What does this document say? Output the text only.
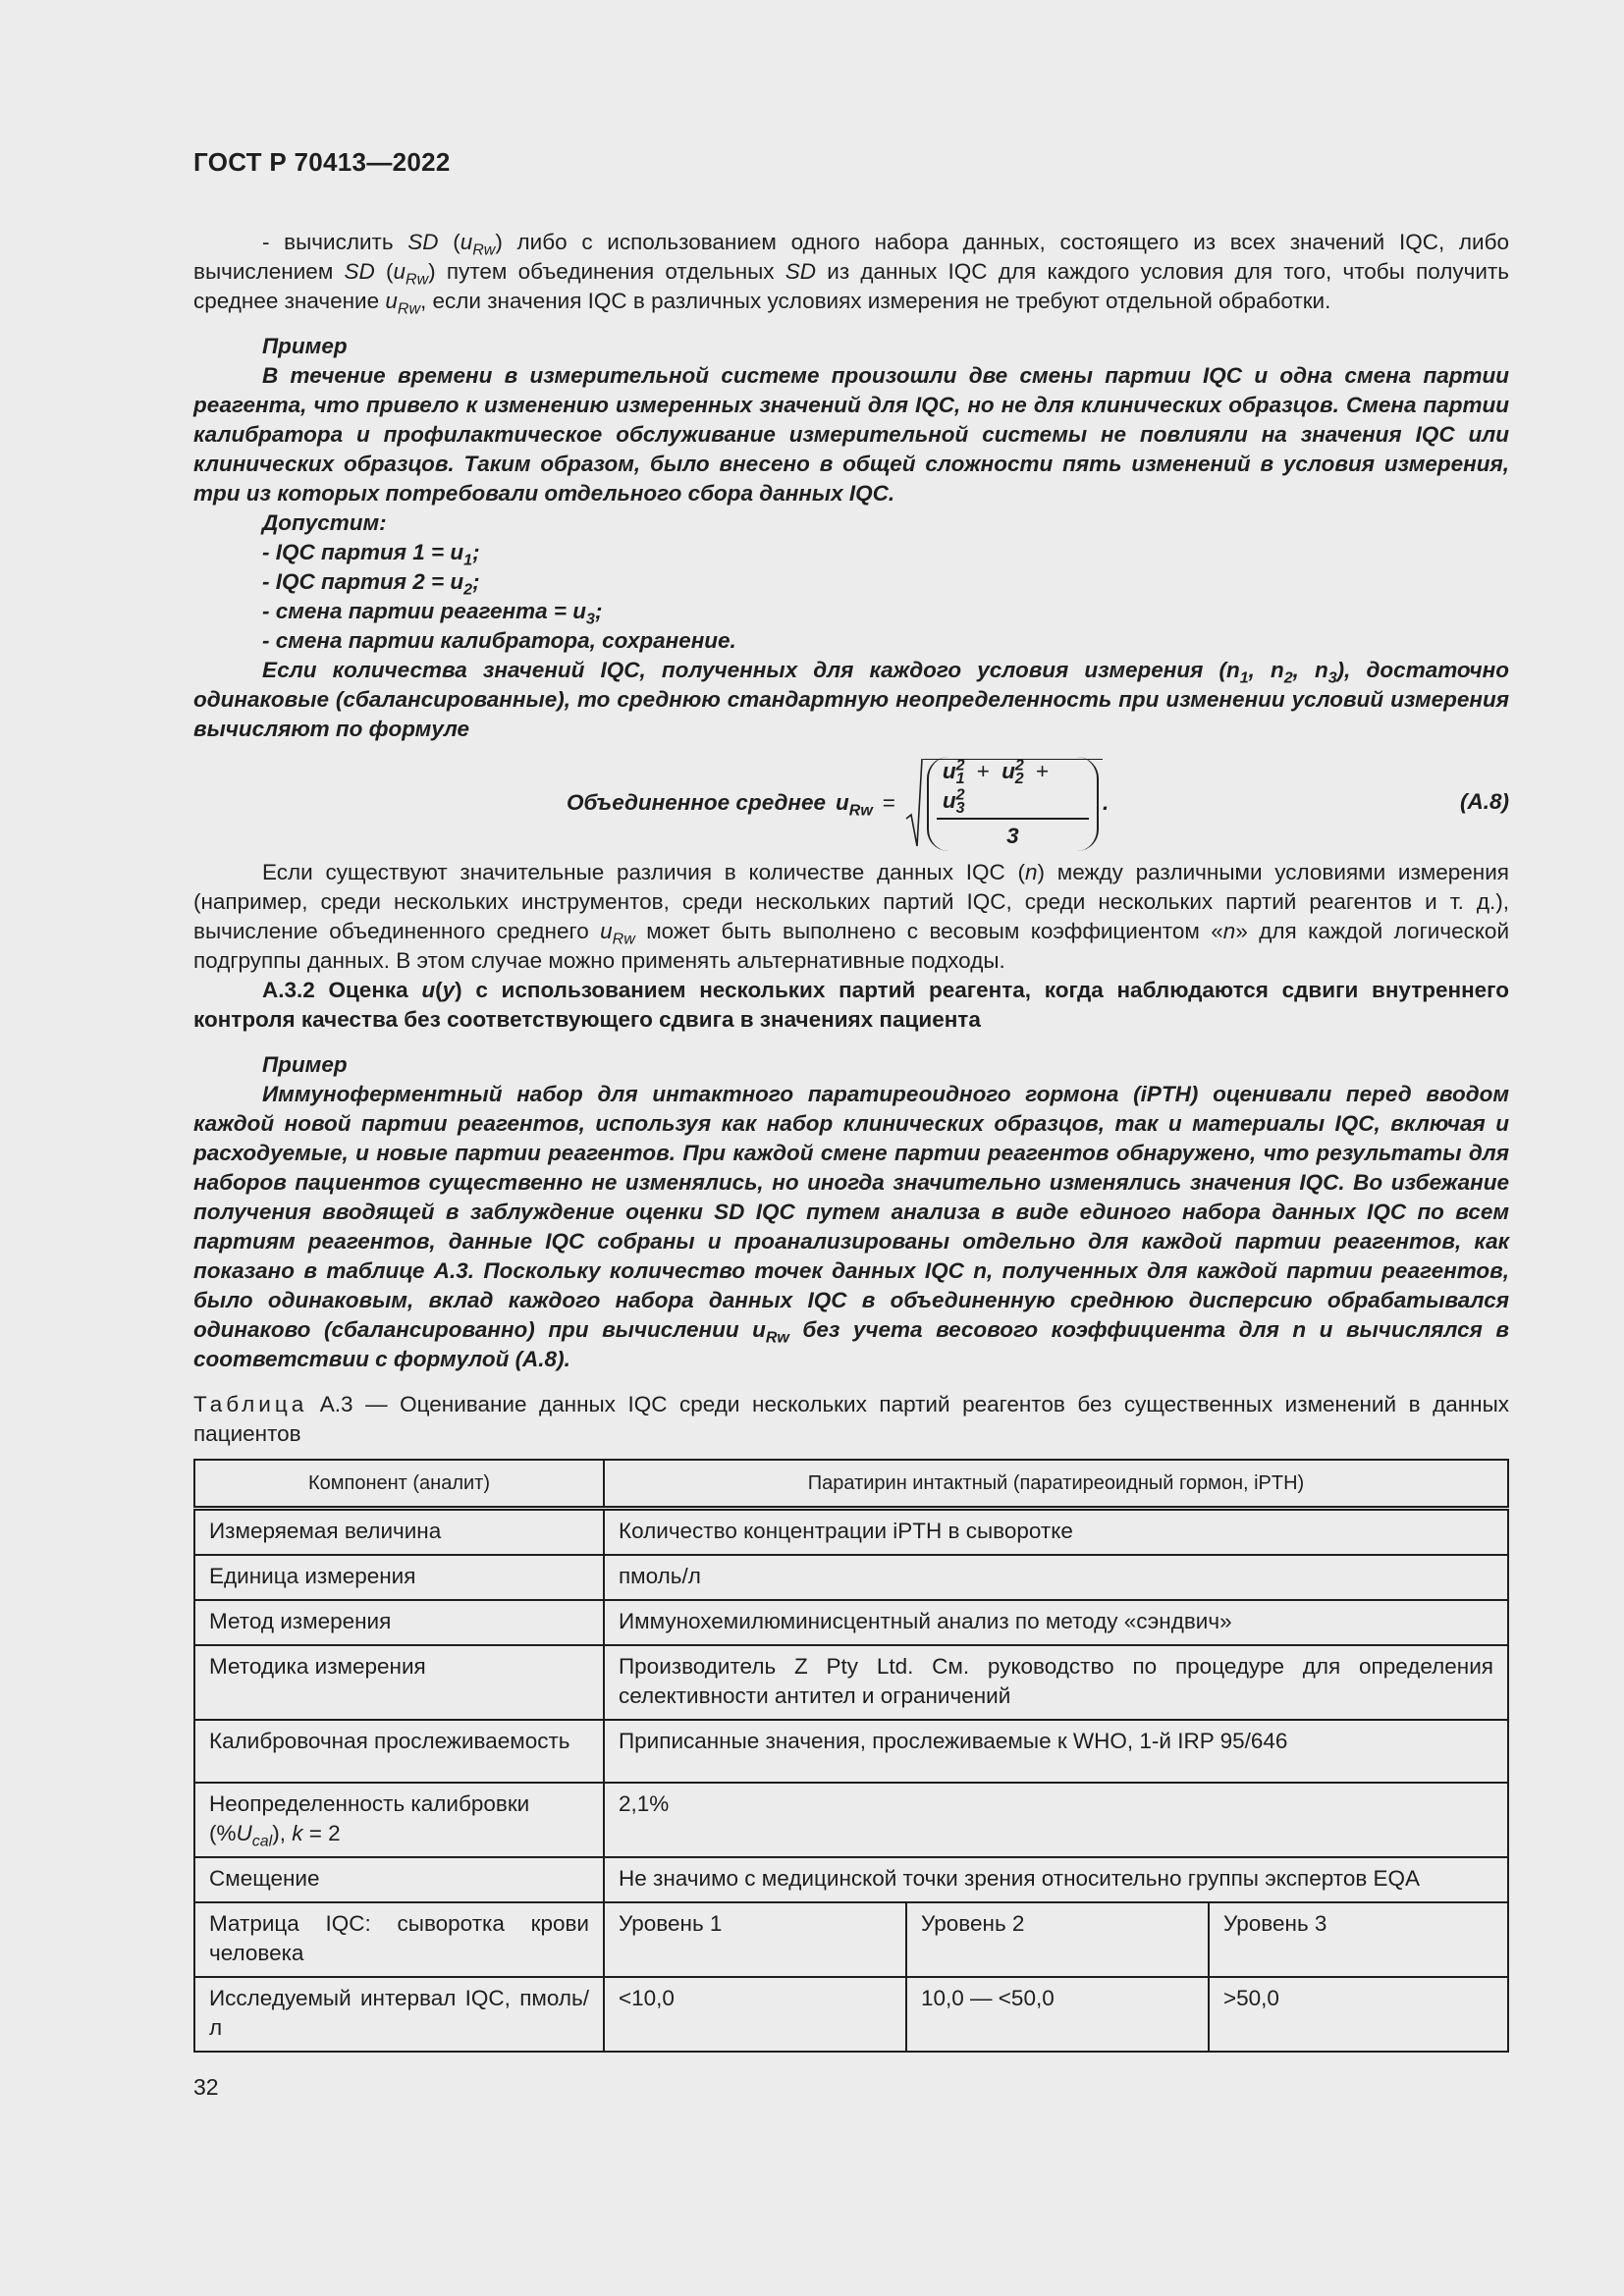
ГОСТ Р 70413—2022

- вычислить SD $(u_{Rw})$ либо с использованием одного набора данных, состоящего из всех значений IQC, либо вычислением SD $(u_{Rw})$ путем объединения отдельных SD из данных IQC для каждого условия для того, чтобы получить среднее значение $u_{Rw}$, если значения IQC в различных условиях измерения не требуют отдельной обработки.

Пример

В течение времени в измерительной системе произошли две смены партии IQC и одна смена партии реагента, что привело к изменению измеренных значений для IQC, но не для клинических образцов. Смена партии калибратора и профилактическое обслуживание измерительной системы не повлияли на значения IQC или клинических образцов. Таким образом, было внесено в общей сложности пять изменений в условия измерения, три из которых потребовали отдельного сбора данных IQC.

Допустим:

- IQC партия $1 = u_1$;
- IQC партия $2 = u_2$;
- смена партии реагента = $u_3$;
- смена партии калибратора, сохранение.

Если количества значений IQC, полученных для каждого условия измерения ($n_1$, $n_2$, $n_3$), достаточно одинаковые (сбалансированные), то среднюю стандартную неопределенность при изменении условий измерения вычисляют по формуле

Объединенное среднее $u_{Rw}$ =
$u^2_1 + u^2_2 + u^2_3$
3
.	(А.8)

Если существуют значительные различия в количестве данных IQC (n) между различными условиями измерения (например, среди нескольких инструментов, среди нескольких партий IQC, среди нескольких партий реагентов и т. д.), вычисление объединенного среднего $u_{Rw}$ может быть выполнено с весовым коэффициентом «n» для каждой логической подгруппы данных. В этом случае можно применять альтернативные подходы.

А.3.2 Оценка u(y) с использованием нескольких партий реагента, когда наблюдаются сдвиги внутреннего контроля качества без соответствующего сдвига в значениях пациента

Пример

Иммуноферментный набор для интактного паратиреоидного гормона (iPTH) оценивали перед вводом каждой новой партии реагентов, используя как набор клинических образцов, так и материалы IQC, включая и расходуемые, и новые партии реагентов. При каждой смене партии реагентов обнаружено, что результаты для наборов пациентов существенно не изменялись, но иногда значительно изменялись значения IQC. Во избежание получения вводящей в заблуждение оценки SD IQC путем анализа в виде единого набора данных IQC по всем партиям реагентов, данные IQC собраны и проанализированы отдельно для каждой партии реагентов, как показано в таблице А.3. Поскольку количество точек данных IQC n, полученных для каждой партии реагентов, было одинаковым, вклад каждого набора данных IQC в объединенную среднюю дисперсию обрабатывался одинаково (сбалансированно) при вычислении $u_{Rw}$ без учета весового коэффициента для n и вычислялся в соответствии с формулой (А.8).

Таблица А.3 — Оценивание данных IQC среди нескольких партий реагентов без существенных изменений в данных пациентов

Компонент (аналит)	Паратирин интактный (паратиреоидный гормон, iPTH)		
Измеряемая величина	Количество концентрации iPTH в сыворотке		
Единица измерения	пмоль/л		
Метод измерения	Иммунохемилюминисцентный анализ по методу «сэндвич»		
Методика измерения	Производитель Z Pty Ltd. См. руководство по процедуре для определения селективности антител и ограничений		
Калибровочная прослеживаемость	Приписанные значения, прослеживаемые к WHO, 1-й IRP 95/646		

Неопределенность калибровки
$(\%U_{cal})$, k = 2	2,1%		
Смещение	Не значимо с медицинской точки зрения относительно группы экспертов EQA		
Матрица IQC: сыворотка крови человека	Уровень 1	Уровень 2	Уровень 3
Исследуемый интервал IQC, пмоль/л	<10,0	10,0 — <50,0	>50,0
32
